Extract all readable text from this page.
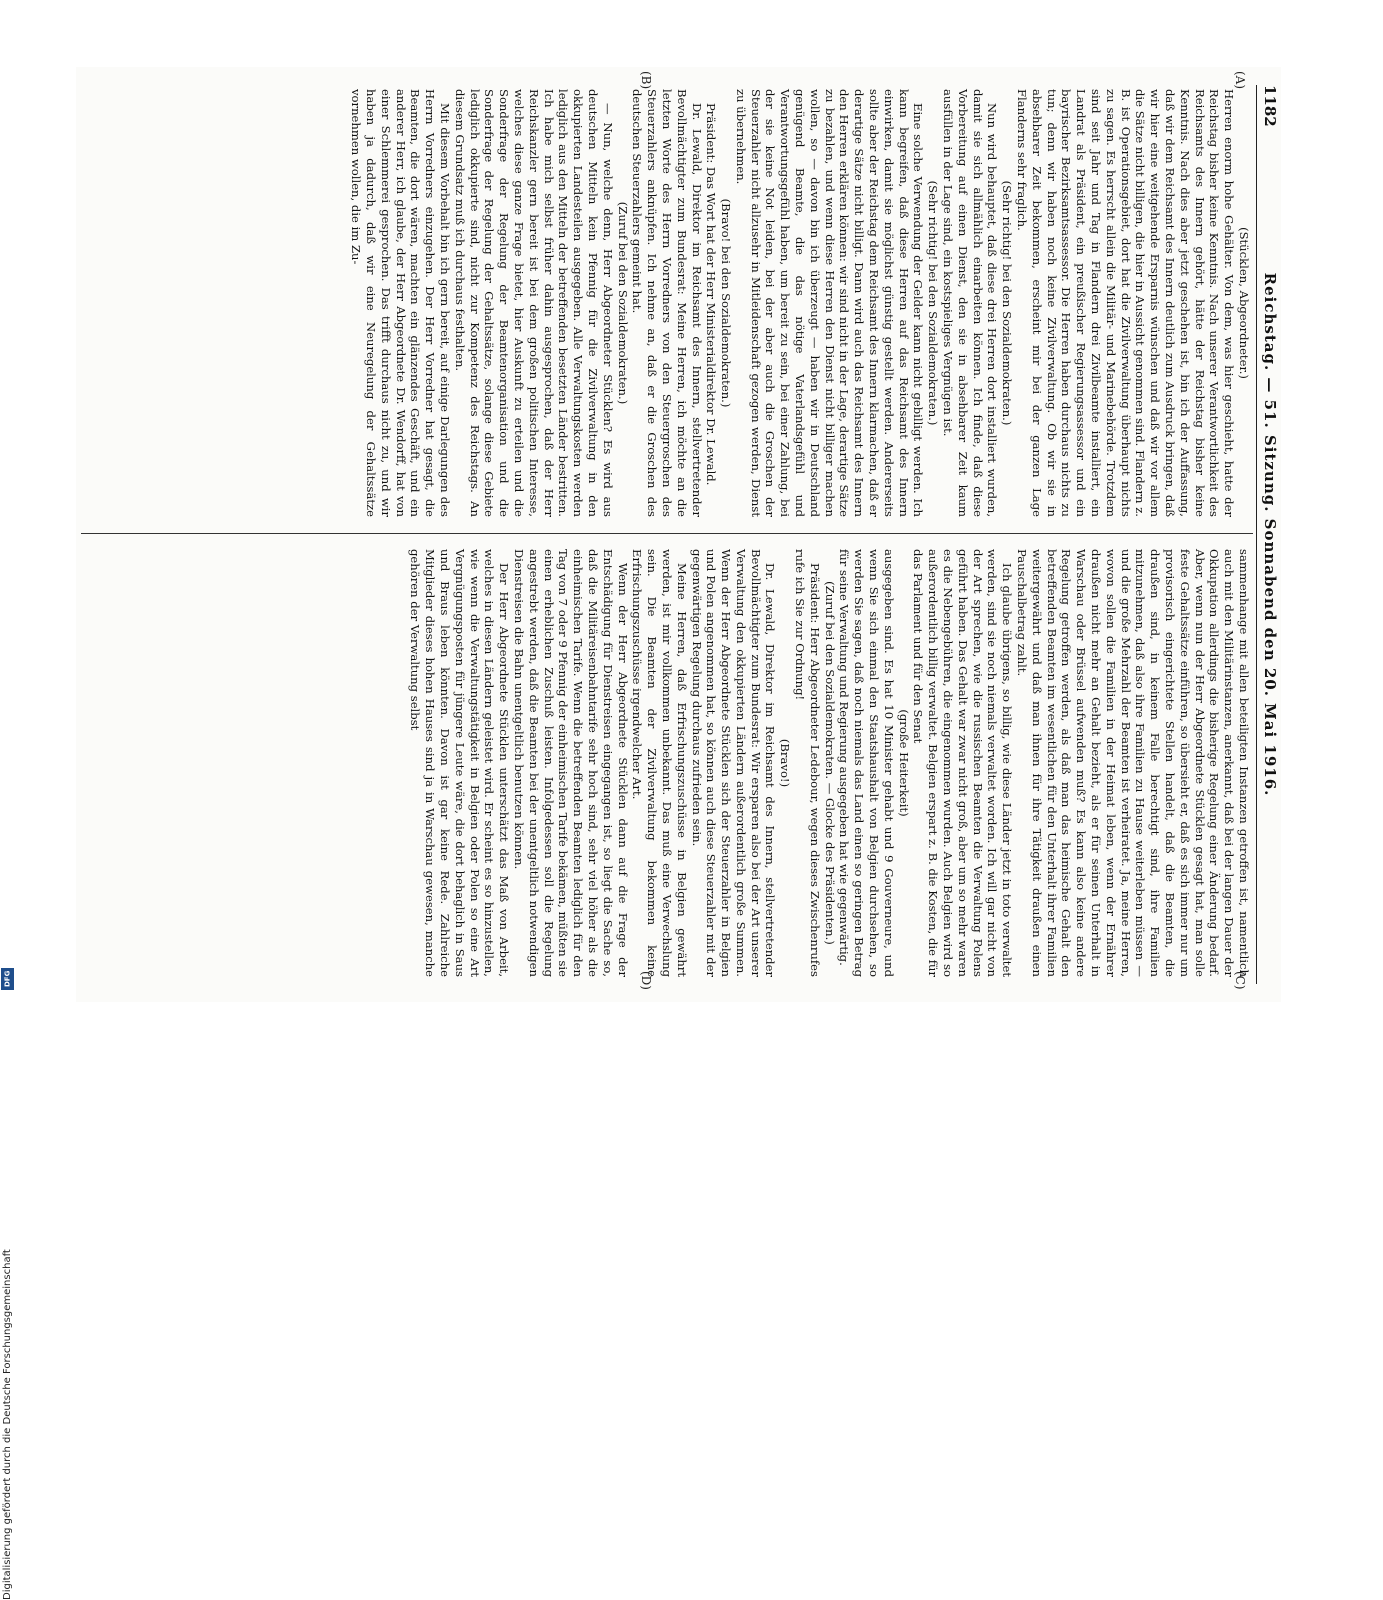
1182
Reichstag. — 51. Sitzung. Sonnabend den 20. Mai 1916.
(A)
(B)
(C)
(D)

(Stücklen, Abgeordneter.)

Herren enorm hohe Gehälter. Von dem, was hier geschieht, hatte der Reichstag bisher keine Kenntnis. Nach unserer Verantwortlichkeit des Reichsamts des Innern gehört, hätte der Reichstag bisher keine Kenntnis. Nach dies aber jetzt geschehen ist, bin ich der Auffassung, daß wir dem Reichsamt des Innern deutlich zum Ausdruck bringen, daß wir hier eine weitgehende Ersparnis wünschen und daß wir vor allem die Sätze nicht billigen, die hier in Aussicht genommen sind. Flandern z. B. ist Operationsgebiet, dort hat die Zivilverwaltung überhaupt nichts zu sagen. Es herrscht allein die Militär- und Marinebehörde. Trotzdem sind seit Jahr und Tag in Flandern drei Zivilbeamte installiert, ein Landrat als Präsident, ein preußischer Regierungsassessor und ein bayrischer Bezirksamtsassessor. Die Herren haben durchaus nichts zu tun; denn wir haben noch keine Zivilverwaltung. Ob wir sie in absehbarer Zeit bekommen, erscheint mir bei der ganzen Lage Flanderns sehr fraglich.

(Sehr richtig! bei den Sozialdemokraten.)

Nun wird behauptet, daß diese drei Herren dort installiert wurden, damit sie sich allmählich einarbeiten können. Ich finde, daß diese Vorbereitung auf einen Dienst, den sie in absehbarer Zeit kaum ausfüllen in der Lage sind, ein kostspieliges Vergnügen ist.

(Sehr richtig! bei den Sozialdemokraten.)

Eine solche Verwendung der Gelder kann nicht gebilligt werden. Ich kann begreifen, daß diese Herren auf das Reichsamt des Innern einwirken, damit sie möglichst günstig gestellt werden. Andererseits sollte aber der Reichstag dem Reichsamt des Innern klarmachen, daß er derartige Sätze nicht billigt. Dann wird auch das Reichsamt des Innern den Herren erklären können: wir sind nicht in der Lage, derartige Sätze zu bezahlen, und wenn diese Herren den Dienst nicht billiger machen wollen, so — davon bin ich überzeugt — haben wir in Deutschland genügend Beamte, die das nötige Vaterlandsgefühl und Verantwortungsgefühl haben, um bereit zu sein, bei einer Zahlung, bei der sie keine Not leiden, bei der aber auch die Groschen der Steuerzahler nicht allzusehr in Mitleidenschaft gezogen werden, Dienst zu übernehmen.

(Bravo! bei den Sozialdemokraten.)

Präsident: Das Wort hat der Herr Ministerialdirektor Dr. Lewald.

Dr. Lewald, Direktor im Reichsamt des Innern, stellvertretender Bevollmächtigter zum Bundesrat: Meine Herren, ich möchte an die letzten Worte des Herrn Vorredners von den Steuergroschen des Steuerzahlers anknüpfen. Ich nehme an, daß er die Groschen des deutschen Steuerzahlers gemeint hat.

(Zuruf bei den Sozialdemokraten.)

— Nun, welche denn, Herr Abgeordneter Stücklen? Es wird aus deutschen Mitteln kein Pfennig für die Zivilverwaltung in den okkupierten Landesteilen ausgegeben. Alle Verwaltungskosten werden lediglich aus den Mitteln der betreffenden besetzten Länder bestritten. Ich habe mich selbst früher dahin ausgesprochen, daß der Herr Reichskanzler gern bereit ist bei dem großen politischen Interesse, welches diese ganze Frage bietet, hier Auskunft zu erteilen und die Sonderfrage der Regelung der Beamtenorganisation und die Sonderfrage der Regelung der Gehaltssätze, solange diese Gebiete lediglich okkupierte sind, nicht zur Kompetenz des Reichstags. An diesem Grundsatz muß ich durchaus festhalten.

Mit diesem Vorbehalt bin ich gern bereit, auf einige Darlegungen des Herrn Vorredners einzugehen. Der Herr Vorredner hat gesagt, die Beamten, die dort wären, machten ein glänzendes Geschäft, und ein anderer Herr, ich glaube, der Herr Abgeordnete Dr. Wendorff, hat von einer Schlemmerei gesprochen. Das trifft durchaus nicht zu, und wir haben ja dadurch, daß wir eine Neuregelung der Gehaltssätze vornehmen wollen, die im Zu-

sammenhange mit allen beteiligten Instanzen getroffen ist, namentlich auch mit den Militärinstanzen, anerkannt, daß bei der langen Dauer der Okkupation allerdings die bisherige Regelung einer Änderung bedarf. Aber, wenn nun der Herr Abgeordnete Stücklen gesagt hat, man solle feste Gehaltssätze einführen, so übersieht er, daß es sich immer nur um provisorisch eingerichtete Stellen handelt, daß die Beamten, die draußen sind, in keinem Falle berechtigt sind, ihre Familien mitzunehmen, daß also ihre Familien zu Hause weiterleben müssen — und die große Mehrzahl der Beamten ist verheiratet. Ja, meine Herren, wovon sollen die Familien in der Heimat leben, wenn der Ernährer draußen nicht mehr an Gehalt bezieht, als er für seinen Unterhalt in Warschau oder Brüssel aufwenden muß? Es kann also keine andere Regelung getroffen werden, als daß man das heimische Gehalt den betreffenden Beamten im wesentlichen für den Unterhalt ihrer Familien weitergewährt und daß man ihnen für ihre Tätigkeit draußen einen Pauschalbetrag zahlt.

Ich glaube übrigens, so billig, wie diese Länder jetzt in toto verwaltet werden, sind sie noch niemals verwaltet worden. Ich will gar nicht von der Art sprechen, wie die russischen Beamten die Verwaltung Polens geführt haben. Das Gehalt war zwar nicht groß, aber um so mehr waren es die Nebengebühren, die eingenommen wurden. Auch Belgien wird so außerordentlich billig verwaltet. Belgien erspart z. B. die Kosten, die für das Parlament und für den Senat

(große Heiterkeit)

ausgegeben sind. Es hat 10 Minister gehabt und 9 Gouverneure, und wenn Sie sich einmal den Staatshaushalt von Belgien durchsehen, so werden Sie sagen, daß noch niemals das Land einen so geringen Betrag für seine Verwaltung und Regierung ausgegeben hat wie gegenwärtig.

(Zuruf bei den Sozialdemokraten. — Glocke des Präsidenten.)

Präsident: Herr Abgeordneter Ledebour, wegen dieses Zwischenrufes rufe ich Sie zur Ordnung!

(Bravo!)

Dr. Lewald, Direktor im Reichsamt des Innern, stellvertretender Bevollmächtigter zum Bundesrat: Wir ersparen also bei der Art unserer Verwaltung den okkupierten Ländern außerordentlich große Summen. Wenn der Herr Abgeordnete Stücklen sich der Steuerzahler in Belgien und Polen angenommen hat, so können auch diese Steuerzahler mit der gegenwärtigen Regelung durchaus zufrieden sein.

Meine Herren, daß Erfrischungszuschüsse in Belgien gewährt werden, ist mir vollkommen unbekannt. Das muß eine Verwechslung sein. Die Beamten der Zivilverwaltung bekommen keine Erfrischungszuschüsse irgendwelcher Art.

Wenn der Herr Abgeordnete Stücklen dann auf die Frage der Entschädigung für Dienstreisen eingegangen ist, so liegt die Sache so, daß die Militäreisenbahntarife sehr hoch sind, sehr viel höher als die einheimischen Tarife. Wenn die betreffenden Beamten lediglich für den Tag von 7 oder 9 Pfennig der einheimischen Tarife bekämen, müßten sie einen erheblichen Zuschuß leisten. Infolgedessen soll die Regelung angestrebt werden, daß die Beamten bei der unentgeltlich notwendigen Dienstreisen die Bahn unentgeltlich benutzen können.

Der Herr Abgeordnete Stücklen unterschätzt das Maß von Arbeit, welches in diesen Ländern geleistet wird. Er scheint es so hinzustellen, wie wenn die Verwaltungstätigkeit in Belgien oder Polen so eine Art Vergnügungsposten für jüngere Leute wäre, die dort behaglich in Saus und Braus leben könnten. Davon ist gar keine Rede. Zahlreiche Mitglieder dieses hohen Hauses sind ja in Warschau gewesen, manche gehören der Verwaltung selbst

Digitalisierung gefördert durch die Deutsche Forschungsgemeinschaft
DFG
